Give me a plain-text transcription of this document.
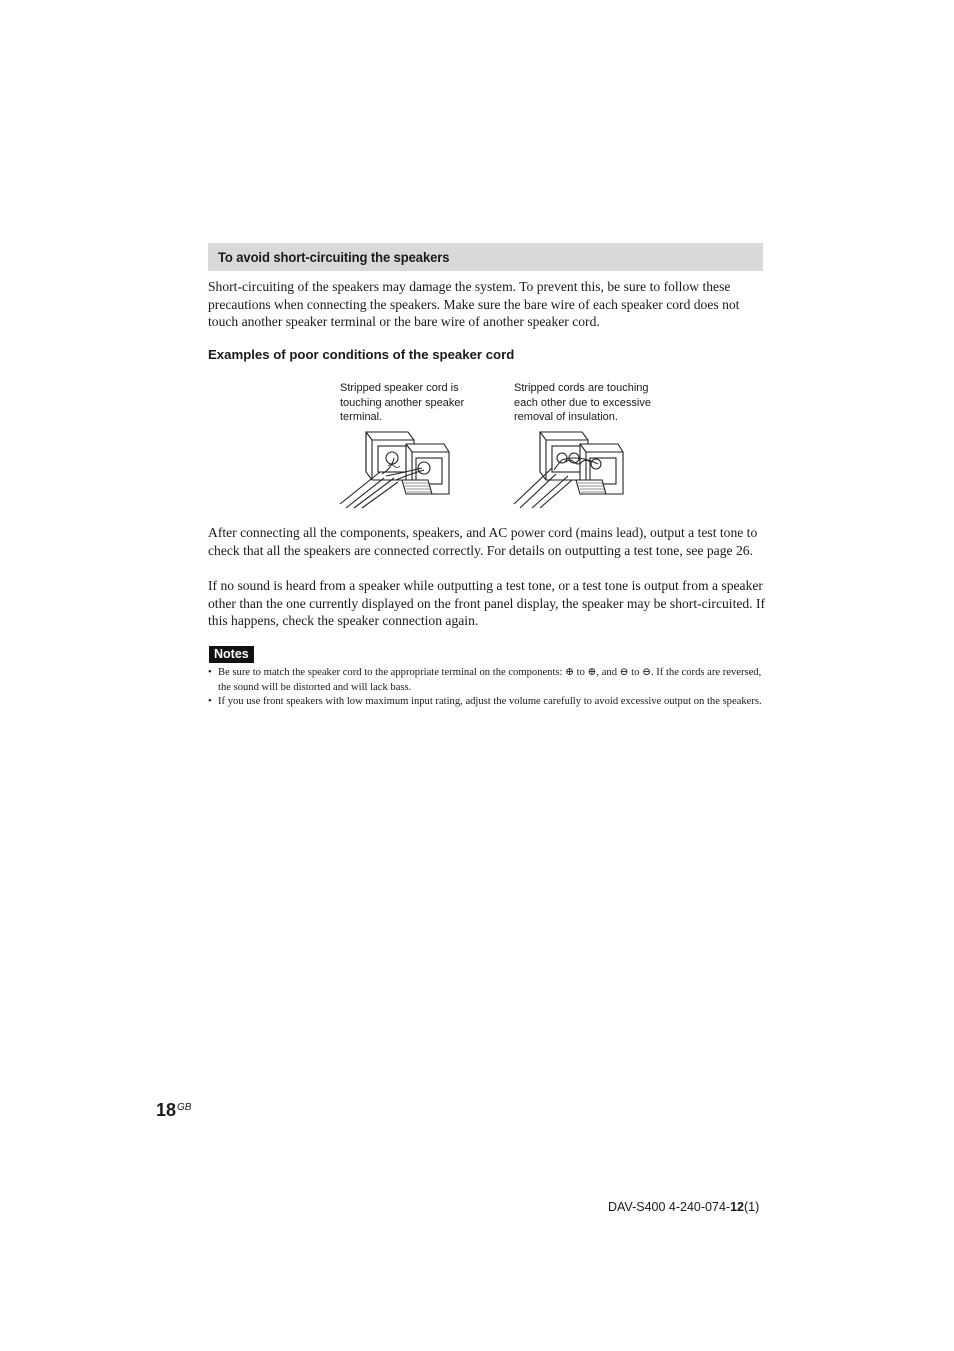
To avoid short-circuiting the speakers
Short-circuiting of the speakers may damage the system. To prevent this, be sure to follow these precautions when connecting the speakers. Make sure the bare wire of each speaker cord does not touch another speaker terminal or the bare wire of another speaker cord.
Examples of poor conditions of the speaker cord
Stripped speaker cord is touching another speaker terminal.
Stripped cords are touching each other due to excessive removal of insulation.
After connecting all the components, speakers, and AC power cord (mains lead), output a test tone to check that all the speakers are connected correctly. For details on outputting a test tone, see page 26.
If no sound is heard from a speaker while outputting a test tone, or a test tone is output from a speaker other than the one currently displayed on the front panel display, the speaker may be short-circuited. If this happens, check the speaker connection again.
Notes
• Be sure to match the speaker cord to the appropriate terminal on the components: ⊕ to ⊕, and ⊖ to ⊖. If the cords are reversed, the sound will be distorted and will lack bass.
• If you use front speakers with low maximum input rating, adjust the volume carefully to avoid excessive output on the speakers.
$18^{GB}$
DAV-S400 4-240-074-12(1)
